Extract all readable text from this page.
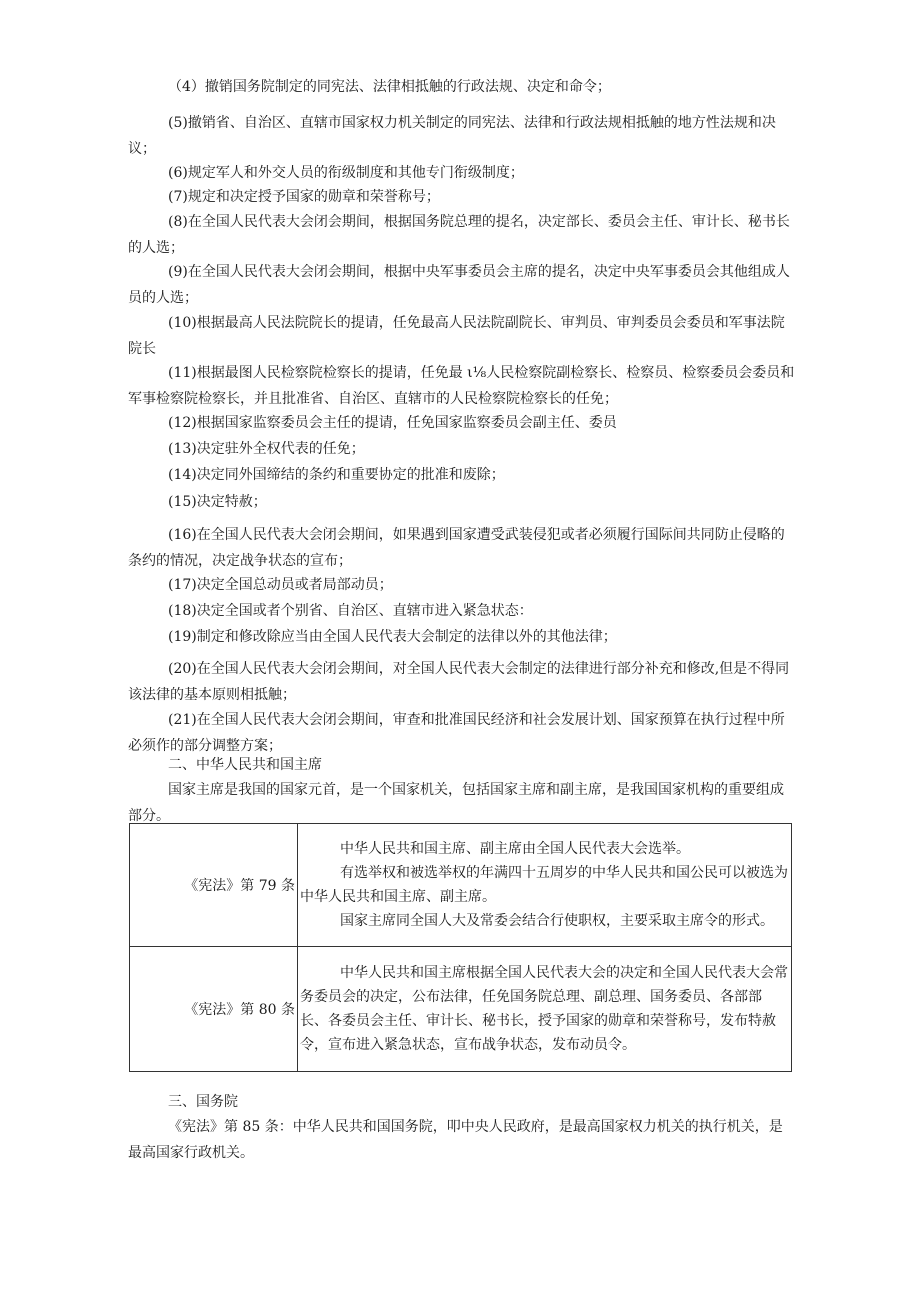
（4）撤销国务院制定的同宪法、法律相抵触的行政法规、决定和命令；

(5)撤销省、自治区、直辖市国家权力机关制定的同宪法、法律和行政法规相抵触的地方性法规和决议；

(6)规定军人和外交人员的衔级制度和其他专门衔级制度；

(7)规定和决定授予国家的勋章和荣誉称号；

(8)在全国人民代表大会闭会期间，根据国务院总理的提名，决定部长、委员会主任、审计长、秘书长的人选；

(9)在全国人民代表大会闭会期间，根据中央军事委员会主席的提名，决定中央军事委员会其他组成人员的人选；

(10)根据最高人民法院院长的提请，任免最高人民法院副院长、审判员、审判委员会委员和军事法院院长

(11)根据最图人民检察院检察长的提请，任免最 ι⅛人民检察院副检察长、检察员、检察委员会委员和军事检察院检察长，并且批准省、自治区、直辖市的人民检察院检察长的任免；

(12)根据国家监察委员会主任的提请，任免国家监察委员会副主任、委员

(13)决定驻外全权代表的任免；

(14)决定同外国缔结的条约和重要协定的批准和废除；

(15)决定特赦；

(16)在全国人民代表大会闭会期间，如果遇到国家遭受武装侵犯或者必须履行国际间共同防止侵略的条约的情况，决定战争状态的宣布；

(17)决定全国总动员或者局部动员；

(18)决定全国或者个别省、自治区、直辖市进入紧急状态：

(19)制定和修改除应当由全国人民代表大会制定的法律以外的其他法律；

(20)在全国人民代表大会闭会期间，对全国人民代表大会制定的法律进行部分补充和修改,但是不得同该法律的基本原则相抵触；

(21)在全国人民代表大会闭会期间，审查和批准国民经济和社会发展计划、国家预算在执行过程中所必须作的部分调整方案；

二、中华人民共和国主席

国家主席是我国的国家元首，是一个国家机关，包括国家主席和副主席，是我国国家机构的重要组成部分。

《宪法》第 79 条	中华人民共和国主席、副主席由全国人民代表大会选举。

有选举权和被选举权的年满四十五周岁的中华人民共和国公民可以被选为中华人民共和国主席、副主席。

国家主席同全国人大及常委会结合行使职权，主要采取主席令的形式。

《宪法》第 80 条	中华人民共和国主席根据全国人民代表大会的决定和全国人民代表大会常务委员会的决定，公布法律，任免国务院总理、副总理、国务委员、各部部长、各委员会主任、审计长、秘书长，授予国家的勋章和荣誉称号，发布特赦令，宣布进入紧急状态，宣布战争状态，发布动员令。

三、国务院

《宪法》第 85 条：中华人民共和国国务院，叩中央人民政府，是最高国家权力机关的执行机关，是最高国家行政机关。
